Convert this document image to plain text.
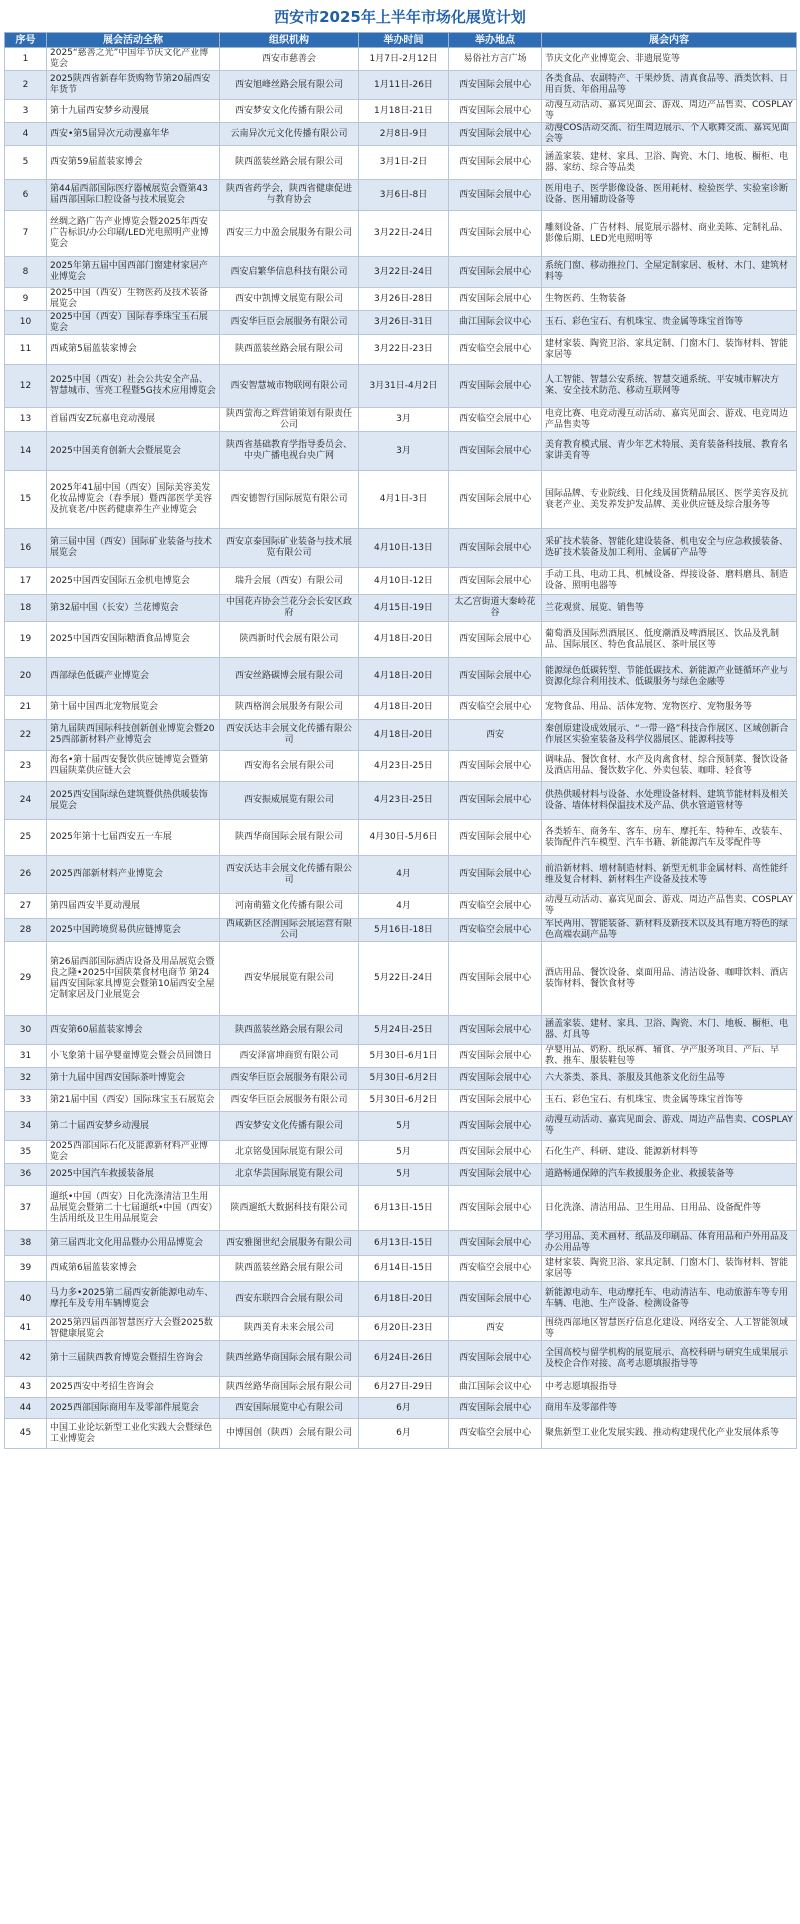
西安市2025年上半年市场化展览计划
序号	展会活动全称	组织机构	举办时间	举办地点	展会内容
1	2025“慈善之光”中国年节庆文化产业博览会	西安市慈善会	1月7日-2月12日	易俗社方言广场	节庆文化产业博览会、非遗展览等
2	2025陕西省新春年货购物节第20届西安年货节	西安旭峰丝路会展有限公司	1月11日-26日	西安国际会展中心	各类食品、农副特产、干果炒货、清真食品等、酒类饮料、日用百货、年俗用品等
3	第十九届西安梦乡动漫展	西安梦安文化传播有限公司	1月18日-21日	西安国际会展中心	动漫互动活动、嘉宾见面会、游戏、周边产品售卖、COSPLAY等
4	西安•第5届异次元动漫嘉年华	云南异次元文化传播有限公司	2月8日-9日	西安国际会展中心	动漫COS活动交流、衍生周边展示、个人歌舞交流、嘉宾见面会等
5	西安第59届蓝装家博会	陕西蓝装丝路会展有限公司	3月1日-2日	西安国际会展中心	涵盖家装、建材、家具、卫浴、陶瓷、木门、地板、橱柜、电器、家纺、综合等品类
6	第44届西部国际医疗器械展览会暨第43届西部国际口腔设备与技术展览会	陕西省药学会，陕西省健康促进与教育协会	3月6日-8日	西安国际会展中心	医用电子、医学影像设备、医用耗材、检验医学、实验室诊断设备、医用辅助设备等
7	丝绸之路广告产业博览会暨2025年西安广告标识/办公印刷/LED光电照明产业博览会	西安三力中盈会展服务有限公司	3月22日-24日	西安国际会展中心	雕刻设备、广告材料、展览展示器材、商业美陈、定制礼品、影像后期、LED光电照明等
8	2025年第五届中国西部门窗建材家居产业博览会	西安启繁华信息科技有限公司	3月22日-24日	西安国际会展中心	系统门窗、移动推拉门、全屋定制家居、板材、木门、建筑材料等
9	2025中国（西安）生物医药及技术装备展览会	西安中凯博文展览有限公司	3月26日-28日	西安国际会展中心	生物医药、生物装备
10	2025中国（西安）国际春季珠宝玉石展览会	西安华巨臣会展服务有限公司	3月26日-31日	曲江国际会议中心	玉石、彩色宝石、有机珠宝、贵金属等珠宝首饰等
11	西咸第5届蓝装家博会	陕西蓝装丝路会展有限公司	3月22日-23日	西安临空会展中心	建材家装、陶瓷卫浴、家具定制、门窗木门、装饰材料、智能家居等
12	2025中国（西安）社会公共安全产品、智慧城市、雪亮工程暨5G技术应用博览会	西安智慧城市物联网有限公司	3月31日-4月2日	西安国际会展中心	人工智能、智慧公安系统、智慧交通系统、平安城市解决方案、安全技术防范、移动互联网等
13	首届西安Z玩嘉电竞动漫展	陕西萤海之辉营销策划有限责任公司	3月	西安临空会展中心	电竞比赛、电竞动漫互动活动、嘉宾见面会、游戏、电竞周边产品售卖等
14	2025中国美育创新大会暨展览会	陕西省基础教育学指导委员会、中央广播电视台央广网	3月	西安国际会展中心	美育教育模式展、青少年艺术特展、美育装备科技展、教育名家讲美育等
15	2025年41届中国（西安）国际美容美发化妆品博览会（春季展）暨西部医学美容及抗衰老/中医药健康养生产业博览会	西安德智行国际展览有限公司	4月1日-3日	西安国际会展中心	国际品牌、专业院线、日化线及国货精品展区、医学美容及抗衰老产业、美发养发护发品牌、美业供应链及综合服务等
16	第三届中国（西安）国际矿业装备与技术展览会	西安京泰国际矿业装备与技术展览有限公司	4月10日-13日	西安国际会展中心	采矿技术装备、智能化建设装备、机电安全与应急救援装备、选矿技术装备及加工利用、金属矿产品等
17	2025中国西安国际五金机电博览会	瑞升会展（西安）有限公司	4月10日-12日	西安国际会展中心	手动工具、电动工具、机械设备、焊接设备、磨料磨具、制造设备、照明电器等
18	第32届中国（长安）兰花博览会	中国花卉协会兰花分会长安区政府	4月15日-19日	太乙宫街道大秦岭花谷	兰花观赏、展览、销售等
19	2025中国西安国际糖酒食品博览会	陕西新时代会展有限公司	4月18日-20日	西安国际会展中心	葡萄酒及国际烈酒展区、低度潮酒及啤酒展区、饮品及乳制品、国际展区、特色食品展区、茶叶展区等
20	西部绿色低碳产业博览会	西安丝路碳博会展有限公司	4月18日-20日	西安国际会展中心	能源绿色低碳转型、节能低碳技术、新能源产业链循环产业与资源化综合利用技术、低碳服务与绿色金融等
21	第十届中国西北宠物展览会	陕西格润会展服务有限公司	4月18日-20日	西安临空会展中心	宠物食品、用品、活体宠物、宠物医疗、宠物服务等
22	第九届陕西国际科技创新创业博览会暨2025西部新材料产业博览会	西安沃达丰会展文化传播有限公司	4月18日-20日	西安	秦创原建设成效展示、“一带一路”科技合作展区、区域创新合作展区实验室装备及科学仪器展区、能源科技等
23	海名•第十届西安餐饮供应链博览会暨第四届陕菜供应链大会	西安海名会展有限公司	4月23日-25日	西安国际会展中心	调味品、餐饮食材、水产及肉禽食材、综合预制菜、餐饮设备及酒店用品、餐饮数字化、外卖包装、咖啡、轻食等
24	2025西安国际绿色建筑暨供热供暖装饰展览会	西安振威展览有限公司	4月23日-25日	西安国际会展中心	供热供暖材料与设备、水处理设备材料、建筑节能材料及相关设备、墙体材料保温技术及产品、供水管道管材等
25	2025年第十七届西安五一车展	陕西华商国际会展有限公司	4月30日-5月6日	西安国际会展中心	各类轿车、商务车、客车、房车、摩托车、特种车、改装车、装饰配件汽车模型、汽车书籍、新能源汽车及零配件等
26	2025西部新材料产业博览会	西安沃达丰会展文化传播有限公司	4月	西安国际会展中心	前沿新材料、增材制造材料、新型无机非金属材料、高性能纤维及复合材料、新材料生产设备及技术等
27	第四届西安半夏动漫展	河南萌猫文化传播有限公司	4月	西安临空会展中心	动漫互动活动、嘉宾见面会、游戏、周边产品售卖、COSPLAY等
28	2025中国跨境贸易供应链博览会	西咸新区泾渭国际会展运营有限公司	5月16日-18日	西安临空会展中心	军民两用、智能装备、新材料及新技术以及具有地方特色的绿色高端农副产品等
29	第26届西部国际酒店设备及用品展览会暨良之隆•2025中国陕菜食材电商节 第24届西安国际家具博览会暨第10届西安全屋定制家居及门业展览会	西安华展展览有限公司	5月22日-24日	西安国际会展中心	酒店用品、餐饮设备、桌面用品、清洁设备、咖啡饮料、酒店装饰材料、餐饮食材等
30	西安第60届蓝装家博会	陕西蓝装丝路会展有限公司	5月24日-25日	西安国际会展中心	涵盖家装、建材、家具、卫浴、陶瓷、木门、地板、橱柜、电器、灯具等
31	小飞象第十届孕婴童博览会暨会员回馈日	西安泽富坤商贸有限公司	5月30日-6月1日	西安国际会展中心	孕婴用品、奶粉、纸尿裤、辅食、孕产服务项目、产后、早教、推车、服装鞋包等
32	第十九届中国西安国际茶叶博览会	西安华巨臣会展服务有限公司	5月30日-6月2日	西安国际会展中心	六大茶类、茶具、茶服及其他茶文化衍生品等
33	第21届中国（西安）国际珠宝玉石展览会	西安华巨臣会展服务有限公司	5月30日-6月2日	西安国际会展中心	玉石、彩色宝石、有机珠宝、贵金属等珠宝首饰等
34	第二十届西安梦乡动漫展	西安梦安文化传播有限公司	5月	西安国际会展中心	动漫互动活动、嘉宾见面会、游戏、周边产品售卖、COSPLAY等
35	2025西部国际石化及能源新材料产业博览会	北京铭曼国际展览有限公司	5月	西安国际会展中心	石化生产、科研、建设、能源新材料等
36	2025中国汽车救援装备展	北京华芸国际展览有限公司	5月	西安国际会展中心	道路畅通保障的汽车救援服务企业、救援装备等
37	遛纸•中国（西安）日化洗涤清洁卫生用品展览会暨第二十七届遛纸•中国（西安）生活用纸及卫生用品展览会	陕西遛纸大数据科技有限公司	6月13日-15日	西安国际会展中心	日化洗涤、清洁用品、卫生用品、日用品、设备配件等
38	第三届西北文化用品暨办公用品博览会	西安雅图世纪会展服务有限公司	6月13日-15日	西安国际会展中心	学习用品、美术画材、纸品及印刷品、体育用品和户外用品及办公用品等
39	西咸第6届蓝装家博会	陕西蓝装丝路会展有限公司	6月14日-15日	西安临空会展中心	建材家装、陶瓷卫浴、家具定制、门窗木门、装饰材料、智能家居等
40	马力多•2025第二届西安新能源电动车、摩托车及专用车辆博览会	西安东联四合会展有限公司	6月18日-20日	西安国际会展中心	新能源电动车、电动摩托车、电动清洁车、电动旅游车等专用车辆、电池、生产设备、检测设备等
41	2025第四届西部智慧医疗大会暨2025数智健康展览会	陕西美育未来会展公司	6月20日-23日	西安	围绕西部地区智慧医疗信息化建设、网络安全、人工智能领域等
42	第十三届陕西教育博览会暨招生咨询会	陕西丝路华商国际会展有限公司	6月24日-26日	西安国际会展中心	全国高校与留学机构的展览展示、高校科研与研究生成果展示及校企合作对接、高考志愿填报指导等
43	2025西安中考招生咨询会	陕西丝路华商国际会展有限公司	6月27日-29日	曲江国际会议中心	中考志愿填报指导
44	2025西部国际商用车及零部件展览会	西安国际展览中心有限公司	6月	西安国际会展中心	商用车及零部件等
45	中国工业论坛新型工业化实践大会暨绿色工业博览会	中博国创（陕西）会展有限公司	6月	西安临空会展中心	聚焦新型工业化发展实践、推动构建现代化产业发展体系等
